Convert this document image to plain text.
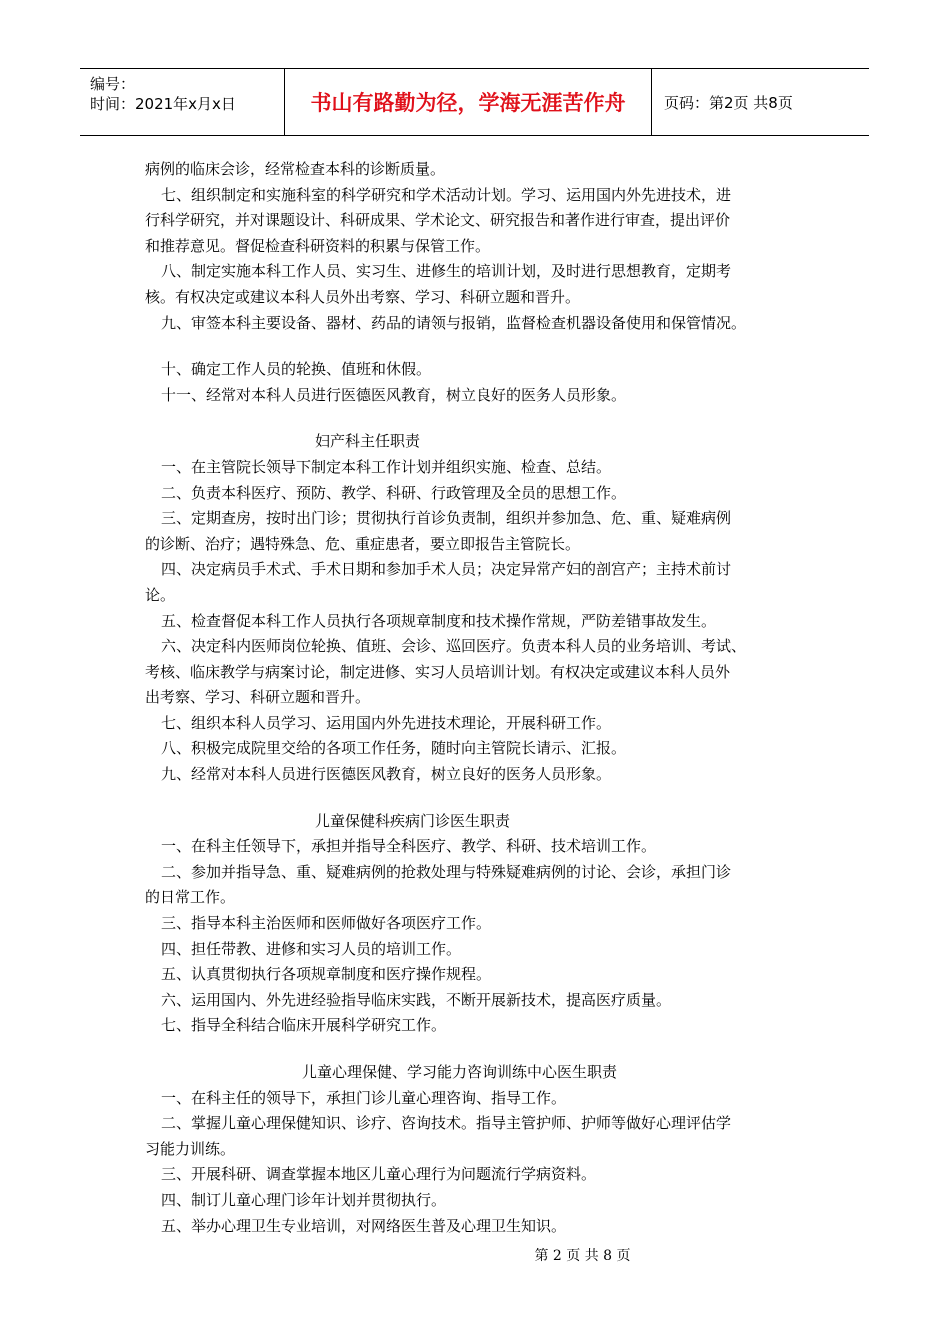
编号：
时间：2021年x月x日	书山有路勤为径，学海无涯苦作舟	页码：第2页 共8页
病例的临床会诊，经常检查本科的诊断质量。
七、组织制定和实施科室的科学研究和学术活动计划。学习、运用国内外先进技术，进
行科学研究，并对课题设计、科研成果、学术论文、研究报告和著作进行审查，提出评价
和推荐意见。督促检查科研资料的积累与保管工作。
八、制定实施本科工作人员、实习生、进修生的培训计划，及时进行思想教育，定期考
核。有权决定或建议本科人员外出考察、学习、科研立题和晋升。
九、审签本科主要设备、器材、药品的请领与报销，监督检查机器设备使用和保管情况。
十、确定工作人员的轮换、值班和休假。
十一、经常对本科人员进行医德医风教育，树立良好的医务人员形象。
妇产科主任职责
一、在主管院长领导下制定本科工作计划并组织实施、检查、总结。
二、负责本科医疗、预防、教学、科研、行政管理及全员的思想工作。
三、定期查房，按时出门诊；贯彻执行首诊负责制，组织并参加急、危、重、疑难病例
的诊断、治疗；遇特殊急、危、重症患者，要立即报告主管院长。
四、决定病员手术式、手术日期和参加手术人员；决定异常产妇的剖宫产；主持术前讨
论。
五、检查督促本科工作人员执行各项规章制度和技术操作常规，严防差错事故发生。
六、决定科内医师岗位轮换、值班、会诊、巡回医疗。负责本科人员的业务培训、考试、
考核、临床教学与病案讨论，制定进修、实习人员培训计划。有权决定或建议本科人员外
出考察、学习、科研立题和晋升。
七、组织本科人员学习、运用国内外先进技术理论，开展科研工作。
八、积极完成院里交给的各项工作任务，随时向主管院长请示、汇报。
九、经常对本科人员进行医德医风教育，树立良好的医务人员形象。
儿童保健科疾病门诊医生职责
一、在科主任领导下，承担并指导全科医疗、教学、科研、技术培训工作。
二、参加并指导急、重、疑难病例的抢救处理与特殊疑难病例的讨论、会诊，承担门诊
的日常工作。
三、指导本科主治医师和医师做好各项医疗工作。
四、担任带教、进修和实习人员的培训工作。
五、认真贯彻执行各项规章制度和医疗操作规程。
六、运用国内、外先进经验指导临床实践，不断开展新技术，提高医疗质量。
七、指导全科结合临床开展科学研究工作。
儿童心理保健、学习能力咨询训练中心医生职责
一、在科主任的领导下，承担门诊儿童心理咨询、指导工作。
二、掌握儿童心理保健知识、诊疗、咨询技术。指导主管护师、护师等做好心理评估学
习能力训练。
三、开展科研、调查掌握本地区儿童心理行为问题流行学病资料。
四、制订儿童心理门诊年计划并贯彻执行。
五、举办心理卫生专业培训，对网络医生普及心理卫生知识。
第 2 页 共 8 页
